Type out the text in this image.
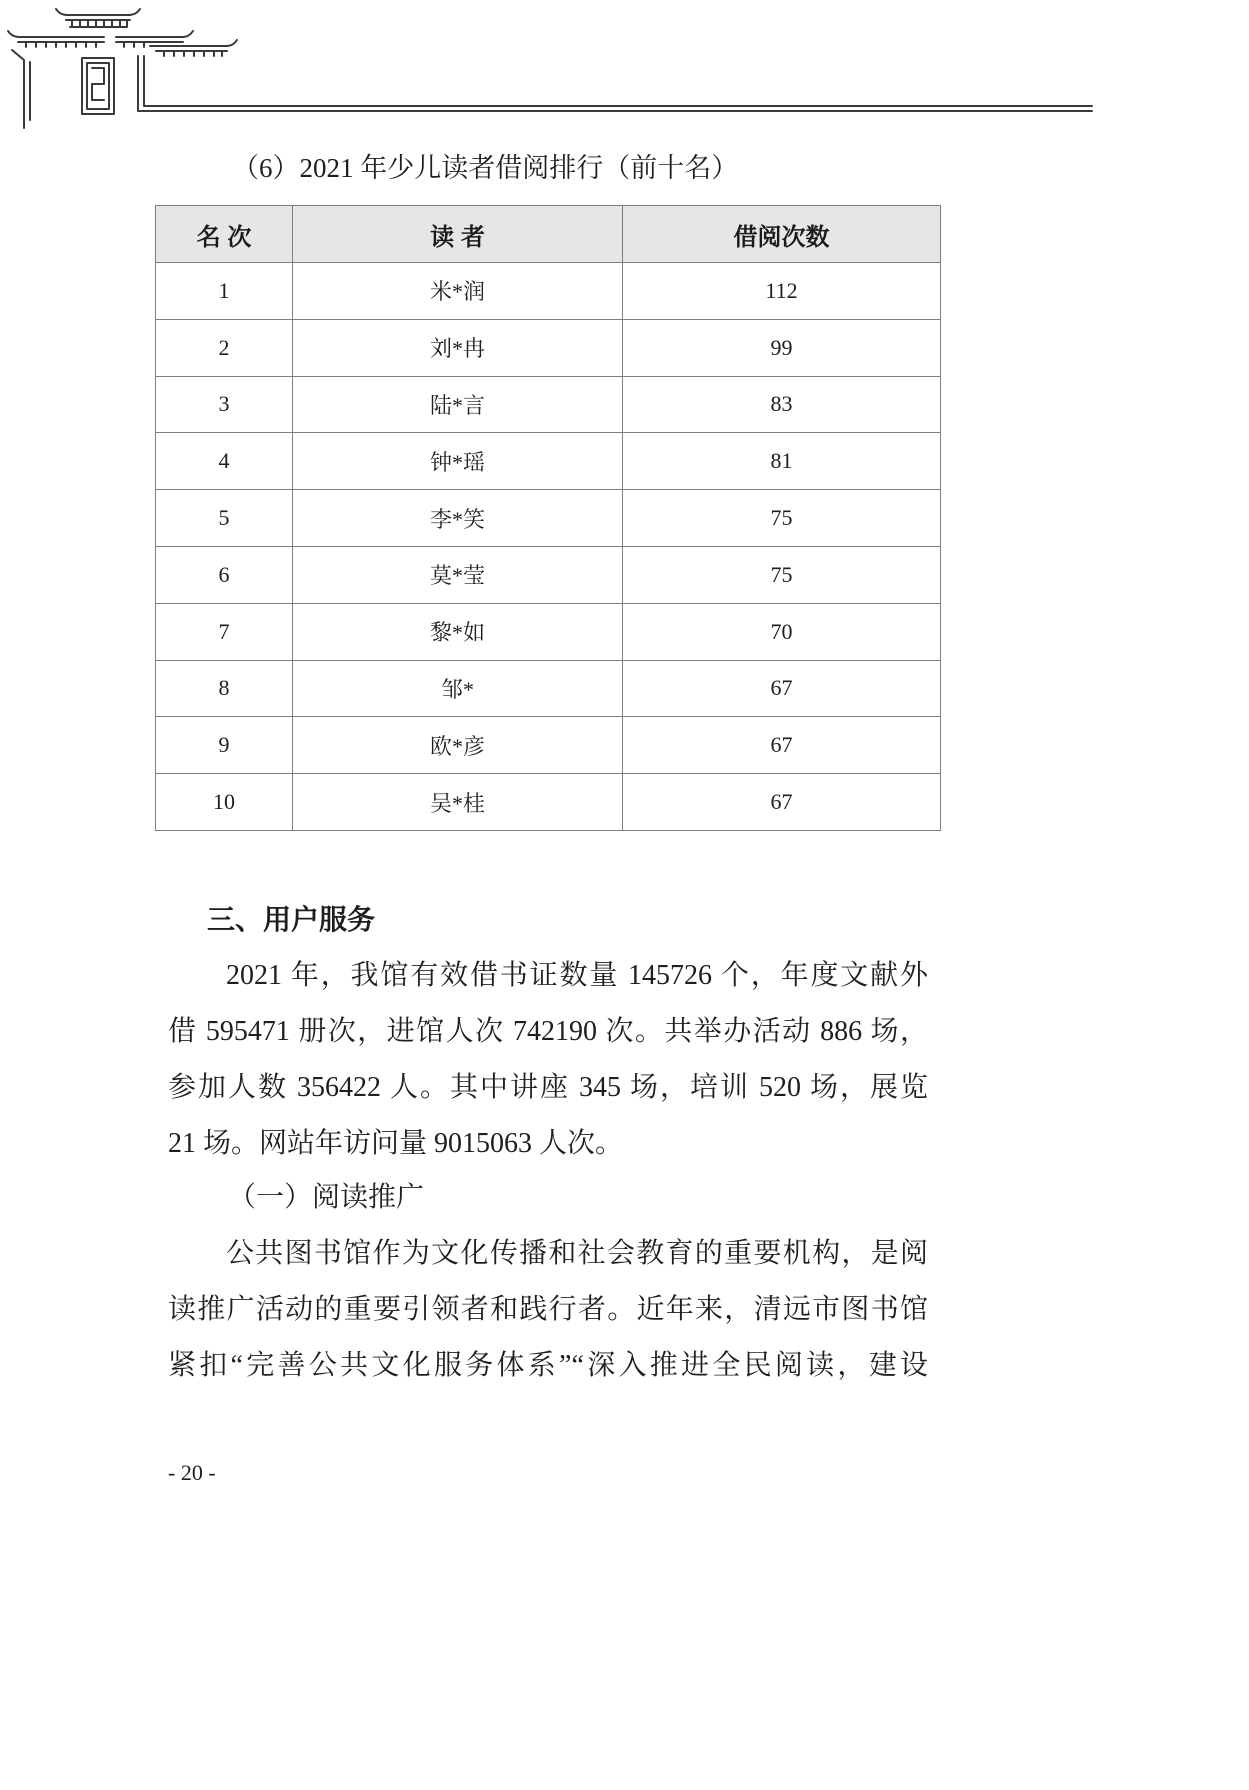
（6）2021 年少儿读者借阅排行（前十名）
名 次	读 者	借阅次数
1	米*润	112
2	刘*冉	99
3	陆*言	83
4	钟*瑶	81
5	李*笑	75
6	莫*莹	75
7	黎*如	70
8	邹*	67
9	欧*彦	67
10	吴*桂	67
三、用户服务
2021 年，我馆有效借书证数量 145726 个，年度文献外
借 595471 册次，进馆人次 742190 次。共举办活动 886 场，
参加人数 356422 人。其中讲座 345 场，培训 520 场，展览
21 场。网站年访问量 9015063 人次。
（一）阅读推广
公共图书馆作为文化传播和社会教育的重要机构，是阅
读推广活动的重要引领者和践行者。近年来，清远市图书馆
紧扣“完善公共文化服务体系”“深入推进全民阅读，建设
- 20 -
